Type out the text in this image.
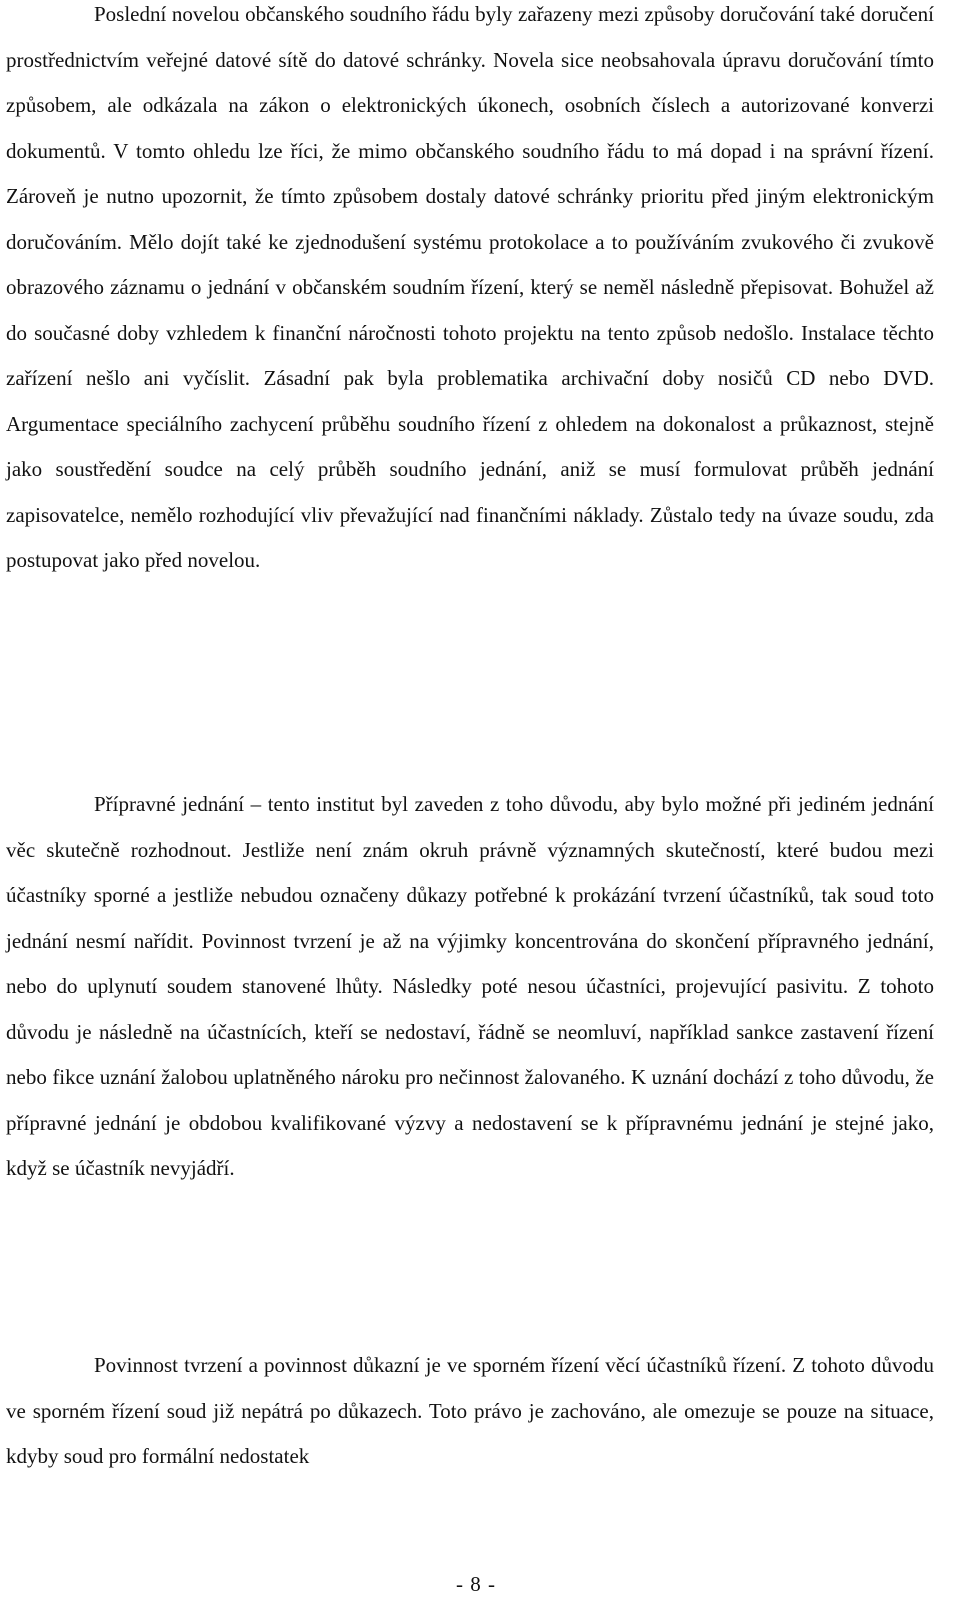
Poslední novelou občanského soudního řádu byly zařazeny mezi způsoby doručování také doručení prostřednictvím veřejné datové sítě do datové schránky. Novela sice neobsahovala úpravu doručování tímto způsobem, ale odkázala na zákon o elektronických úkonech, osobních číslech a autorizované konverzi dokumentů. V tomto ohledu lze říci, že mimo občanského soudního řádu to má dopad i na správní řízení. Zároveň je nutno upozornit, že tímto způsobem dostaly datové schránky prioritu před jiným elektronickým doručováním. Mělo dojít také ke zjednodušení systému protokolace a to používáním zvukového či zvukově obrazového záznamu o jednání v občanském soudním řízení, který se neměl následně přepisovat. Bohužel až do současné doby vzhledem k finanční náročnosti tohoto projektu na tento způsob nedošlo. Instalace těchto zařízení nešlo ani vyčíslit. Zásadní pak byla problematika archivační doby nosičů CD nebo DVD. Argumentace speciálního zachycení průběhu soudního řízení z ohledem na dokonalost a průkaznost, stejně jako soustředění soudce na celý průběh soudního jednání, aniž se musí formulovat průběh jednání zapisovatelce, nemělo rozhodující vliv převažující nad finančními náklady. Zůstalo tedy na úvaze soudu, zda postupovat jako před novelou.

Přípravné jednání – tento institut byl zaveden z toho důvodu, aby bylo možné při jediném jednání věc skutečně rozhodnout. Jestliže není znám okruh právně významných skutečností, které budou mezi účastníky sporné a jestliže nebudou označeny důkazy potřebné k prokázání tvrzení účastníků, tak soud toto jednání nesmí nařídit. Povinnost tvrzení je až na výjimky koncentrována do skončení přípravného jednání, nebo do uplynutí soudem stanovené lhůty. Následky poté nesou účastníci, projevující pasivitu. Z tohoto důvodu je následně na účastnících, kteří se nedostaví, řádně se neomluví, například sankce zastavení řízení nebo fikce uznání žalobou uplatněného nároku pro nečinnost žalovaného. K uznání dochází z toho důvodu, že přípravné jednání je obdobou kvalifikované výzvy a nedostavení se k přípravnému jednání je stejné jako, když se účastník nevyjádří.

Povinnost tvrzení a povinnost důkazní je ve sporném řízení věcí účastníků řízení. Z tohoto důvodu ve sporném řízení soud již nepátrá po důkazech. Toto právo je zachováno, ale omezuje se pouze na situace, kdyby soud pro formální nedostatek

- 8 -
